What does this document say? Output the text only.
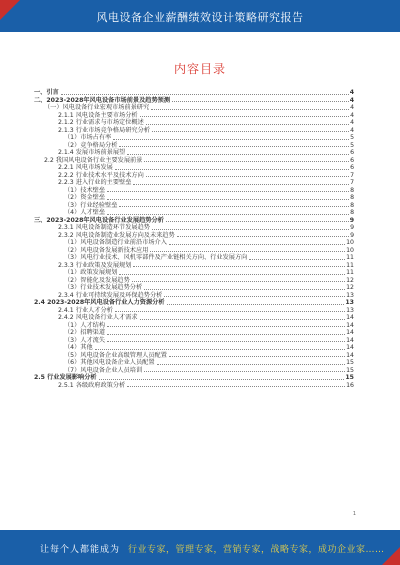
风电设备企业薪酬绩效设计策略研究报告
内容目录
一、引言	4
二、2023-2028年风电设备市场前景及趋势预测	4
（一）风电设备行业宏观市场前景研究	4
2.1.1 风电设备主要市场分析	4
2.1.2 行业需求与市场定位概述	4
2.1.3 行业市场竞争格局研究分析	4
（1）市场占有率	5
（2）竞争格局分析	5
2.1.4 发展市场前景展望	6
2.2 我国风电设备行业主要发展前景	6
2.2.1 风电市场发展	6
2.2.2 行业技术水平及技术方向	7
2.2.3 进入行业的主要壁垒	7
（1）技术壁垒	8
（2）资金壁垒	8
（3）行业经验壁垒	8
（4）人才壁垒	8
三、2023-2028年风电设备行业发展趋势分析	9
2.3.1 风电设备制造环节发展趋势	9
2.3.2 风电设备制造业发展方向及未来趋势	9
（1）风电设备制造行业前沿市场介入	10
（2）风电设备发展新技术应用	10
（3）风电行业技术、风机零部件及产业链相关方向、行业发展方向	11
2.3.3 行业政策及发展规划	11
（1）政策发展规划	11
（2）智能化及发展趋势	12
（3）行业技术发展趋势分析	12
2.3.4 行业可持续发展及环保趋势分析	13
2.4 2023-2028年风电设备行业人力资源分析	13
2.4.1 行业人才分析	13
2.4.2 风电设备行业人才需求	14
（1）人才结构	14
（2）招聘渠道	14
（3）人才流失	14
（4）其他	14
（5）风电设备企业高级管理人员配置	14
（6）其他风电设备企业人员配置	15
（7）风电设备企业人员培训	15
2.5 行业发展影响分析	15
2.5.1 各级政府政策分析	16
1
让每个人都能成为 行业专家，管理专家，营销专家，战略专家，成功企业家……
